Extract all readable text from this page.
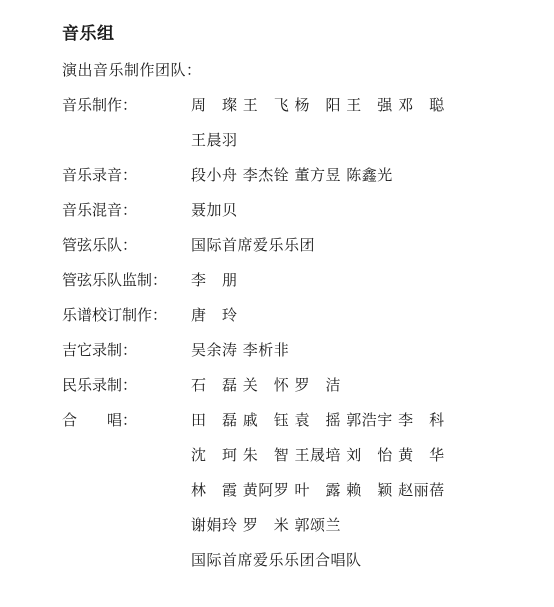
音乐组
演出音乐制作团队：
音乐制作：	周　璨 王　飞 杨　阳 王　强 邓　聪
王晨羽
音乐录音：	段小舟 李杰铨 董方昱 陈鑫光
音乐混音：	聂加贝
管弦乐队：	国际首席爱乐乐团
管弦乐队监制：	李　朋
乐谱校订制作：	唐　玲
吉它录制：	吴余涛 李析非
民乐录制：	石　磊 关　怀 罗　洁
合　　唱：	田　磊 戚　钰 袁　摇 郭浩宇 李　科
沈　珂 朱　智 王晟培 刘　怡 黄　华
林　霞 黄阿罗 叶　露 赖　颖 赵丽蓓
谢娟玲 罗　米 郭颂兰
国际首席爱乐乐团合唱队
